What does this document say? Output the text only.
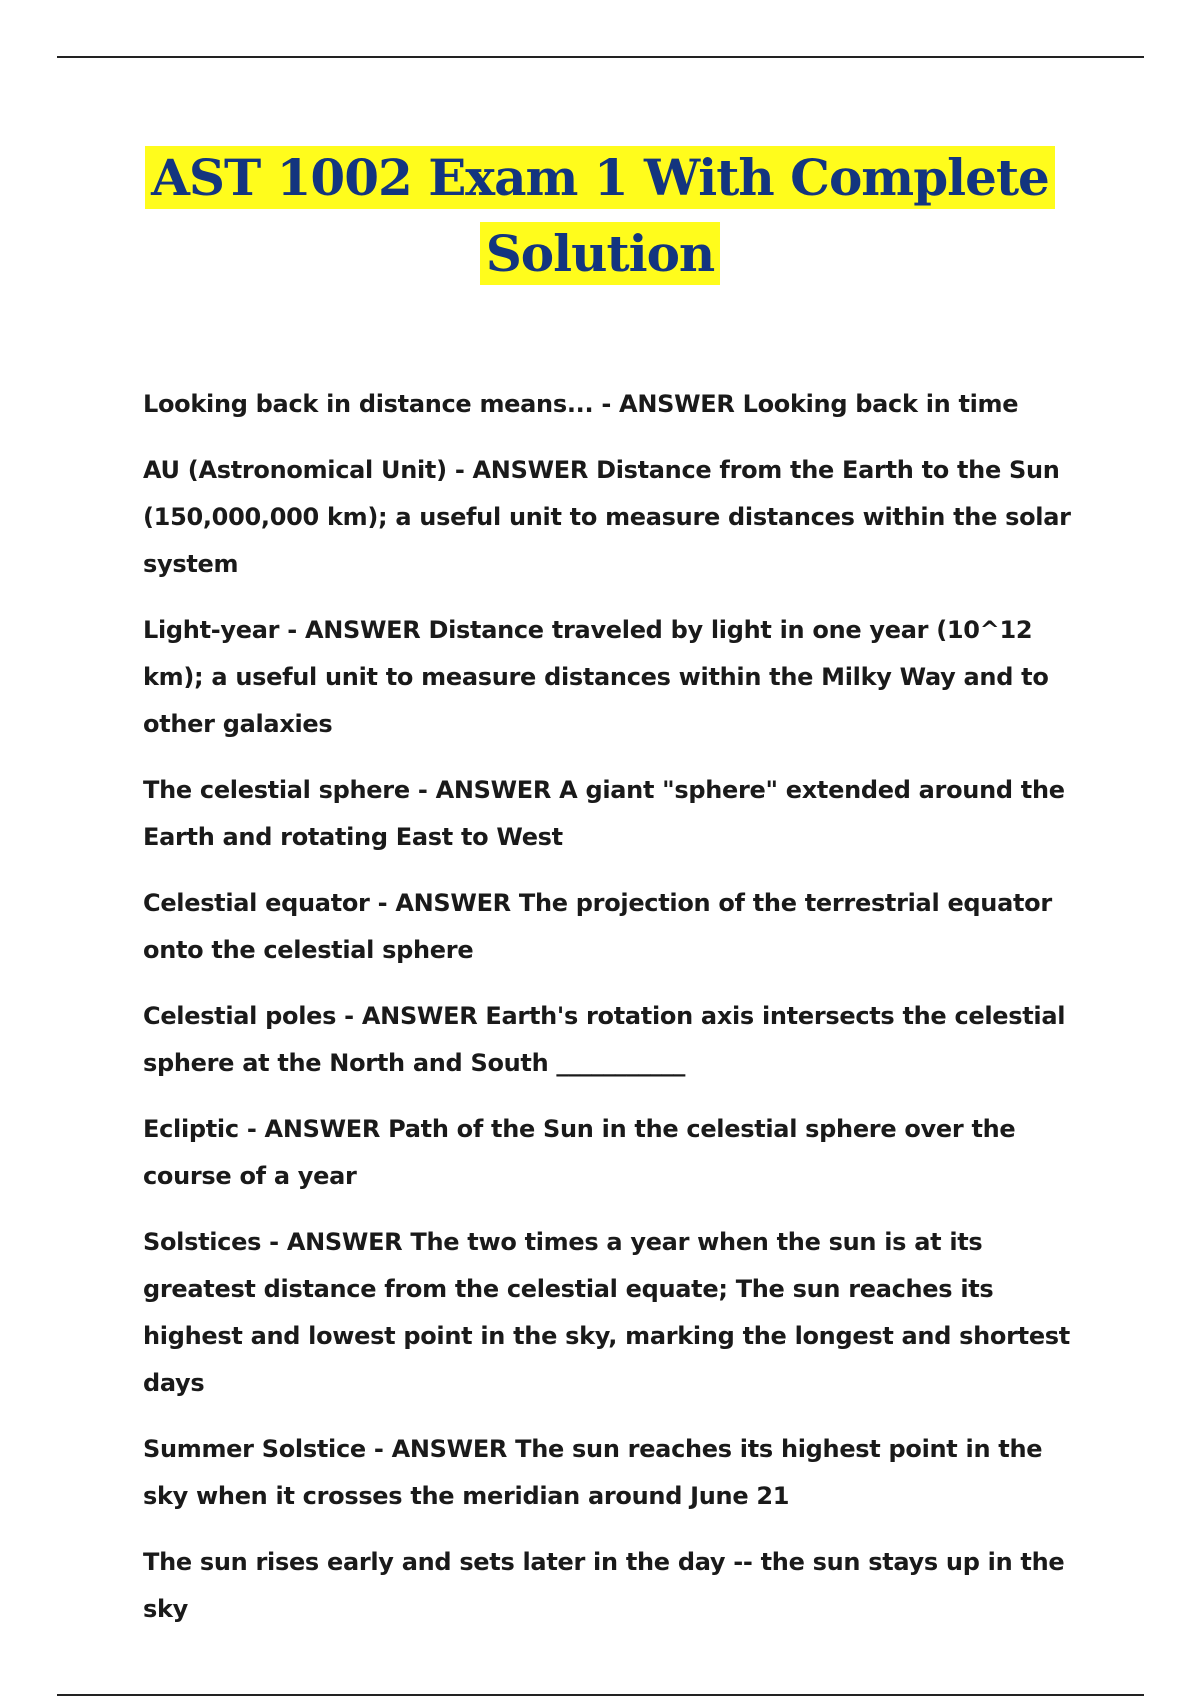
AST 1002 Exam 1 With Complete
Solution

Looking back in distance means... - ANSWER Looking back in time

AU (Astronomical Unit) - ANSWER Distance from the Earth to the Sun (150,000,000 km); a useful unit to measure distances within the solar system

Light-year - ANSWER Distance traveled by light in one year (10^12 km); a useful unit to measure distances within the Milky Way and to other galaxies

The celestial sphere - ANSWER A giant "sphere" extended around the Earth and rotating East to West

Celestial equator - ANSWER The projection of the terrestrial equator onto the celestial sphere

Celestial poles - ANSWER Earth's rotation axis intersects the celestial sphere at the North and South ___________

Ecliptic - ANSWER Path of the Sun in the celestial sphere over the course of a year

Solstices - ANSWER The two times a year when the sun is at its greatest distance from the celestial equate; The sun reaches its highest and lowest point in the sky, marking the longest and shortest days

Summer Solstice - ANSWER The sun reaches its highest point in the sky when it crosses the meridian around June 21

The sun rises early and sets later in the day -- the sun stays up in the sky
